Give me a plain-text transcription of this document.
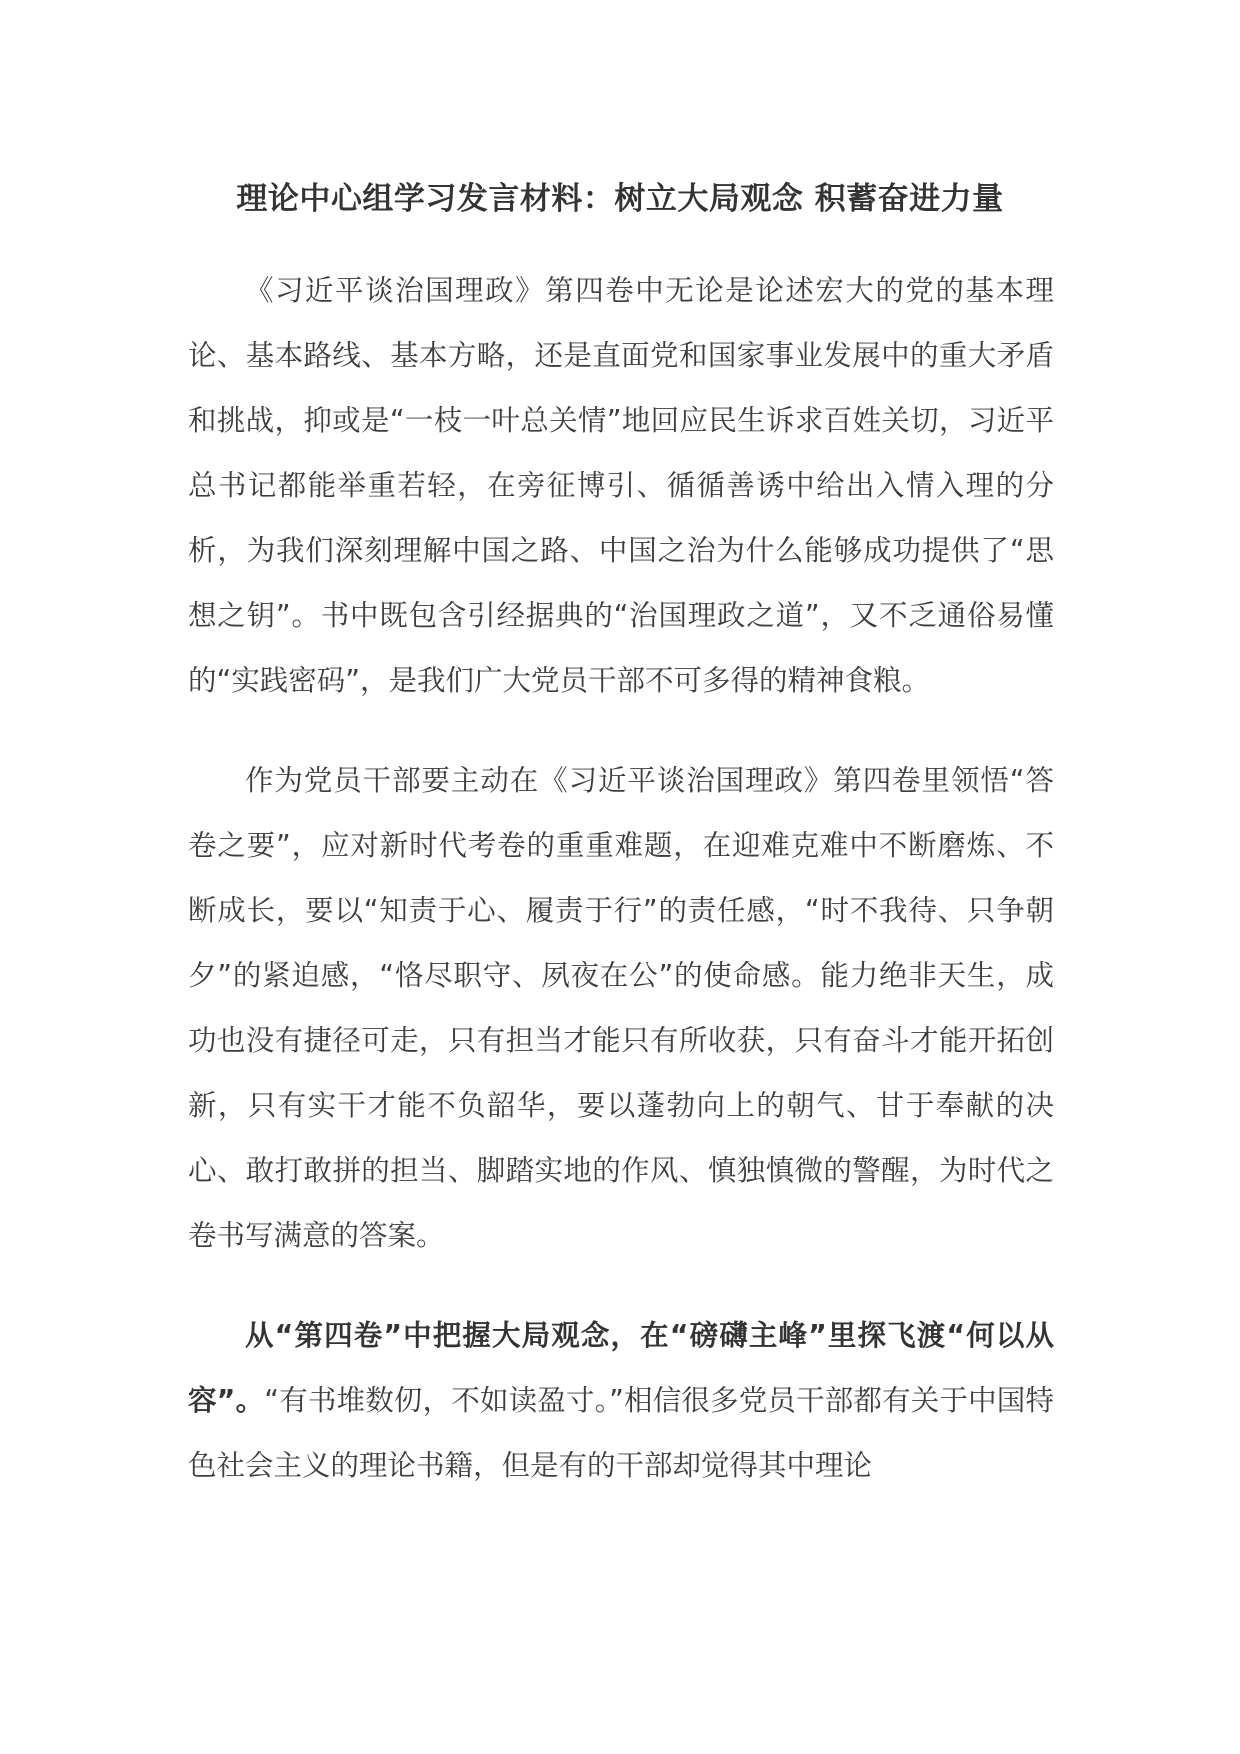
理论中心组学习发言材料：树立大局观念 积蓄奋进力量

《习近平谈治国理政》第四卷中无论是论述宏大的党的基本理论、基本路线、基本方略，还是直面党和国家事业发展中的重大矛盾和挑战，抑或是“一枝一叶总关情”地回应民生诉求百姓关切，习近平总书记都能举重若轻，在旁征博引、循循善诱中给出入情入理的分析，为我们深刻理解中国之路、中国之治为什么能够成功提供了“思想之钥”。书中既包含引经据典的“治国理政之道”，又不乏通俗易懂的“实践密码”，是我们广大党员干部不可多得的精神食粮。

作为党员干部要主动在《习近平谈治国理政》第四卷里领悟“答卷之要”，应对新时代考卷的重重难题，在迎难克难中不断磨炼、不断成长，要以“知责于心、履责于行”的责任感，“时不我待、只争朝夕”的紧迫感，“恪尽职守、夙夜在公”的使命感。能力绝非天生，成功也没有捷径可走，只有担当才能只有所收获，只有奋斗才能开拓创新，只有实干才能不负韶华，要以蓬勃向上的朝气、甘于奉献的决心、敢打敢拼的担当、脚踏实地的作风、慎独慎微的警醒，为时代之卷书写满意的答案。

从“第四卷”中把握大局观念，在“磅礴主峰”里探飞渡“何以从容”。“有书堆数仞，不如读盈寸。”相信很多党员干部都有关于中国特色社会主义的理论书籍，但是有的干部却觉得其中理论
